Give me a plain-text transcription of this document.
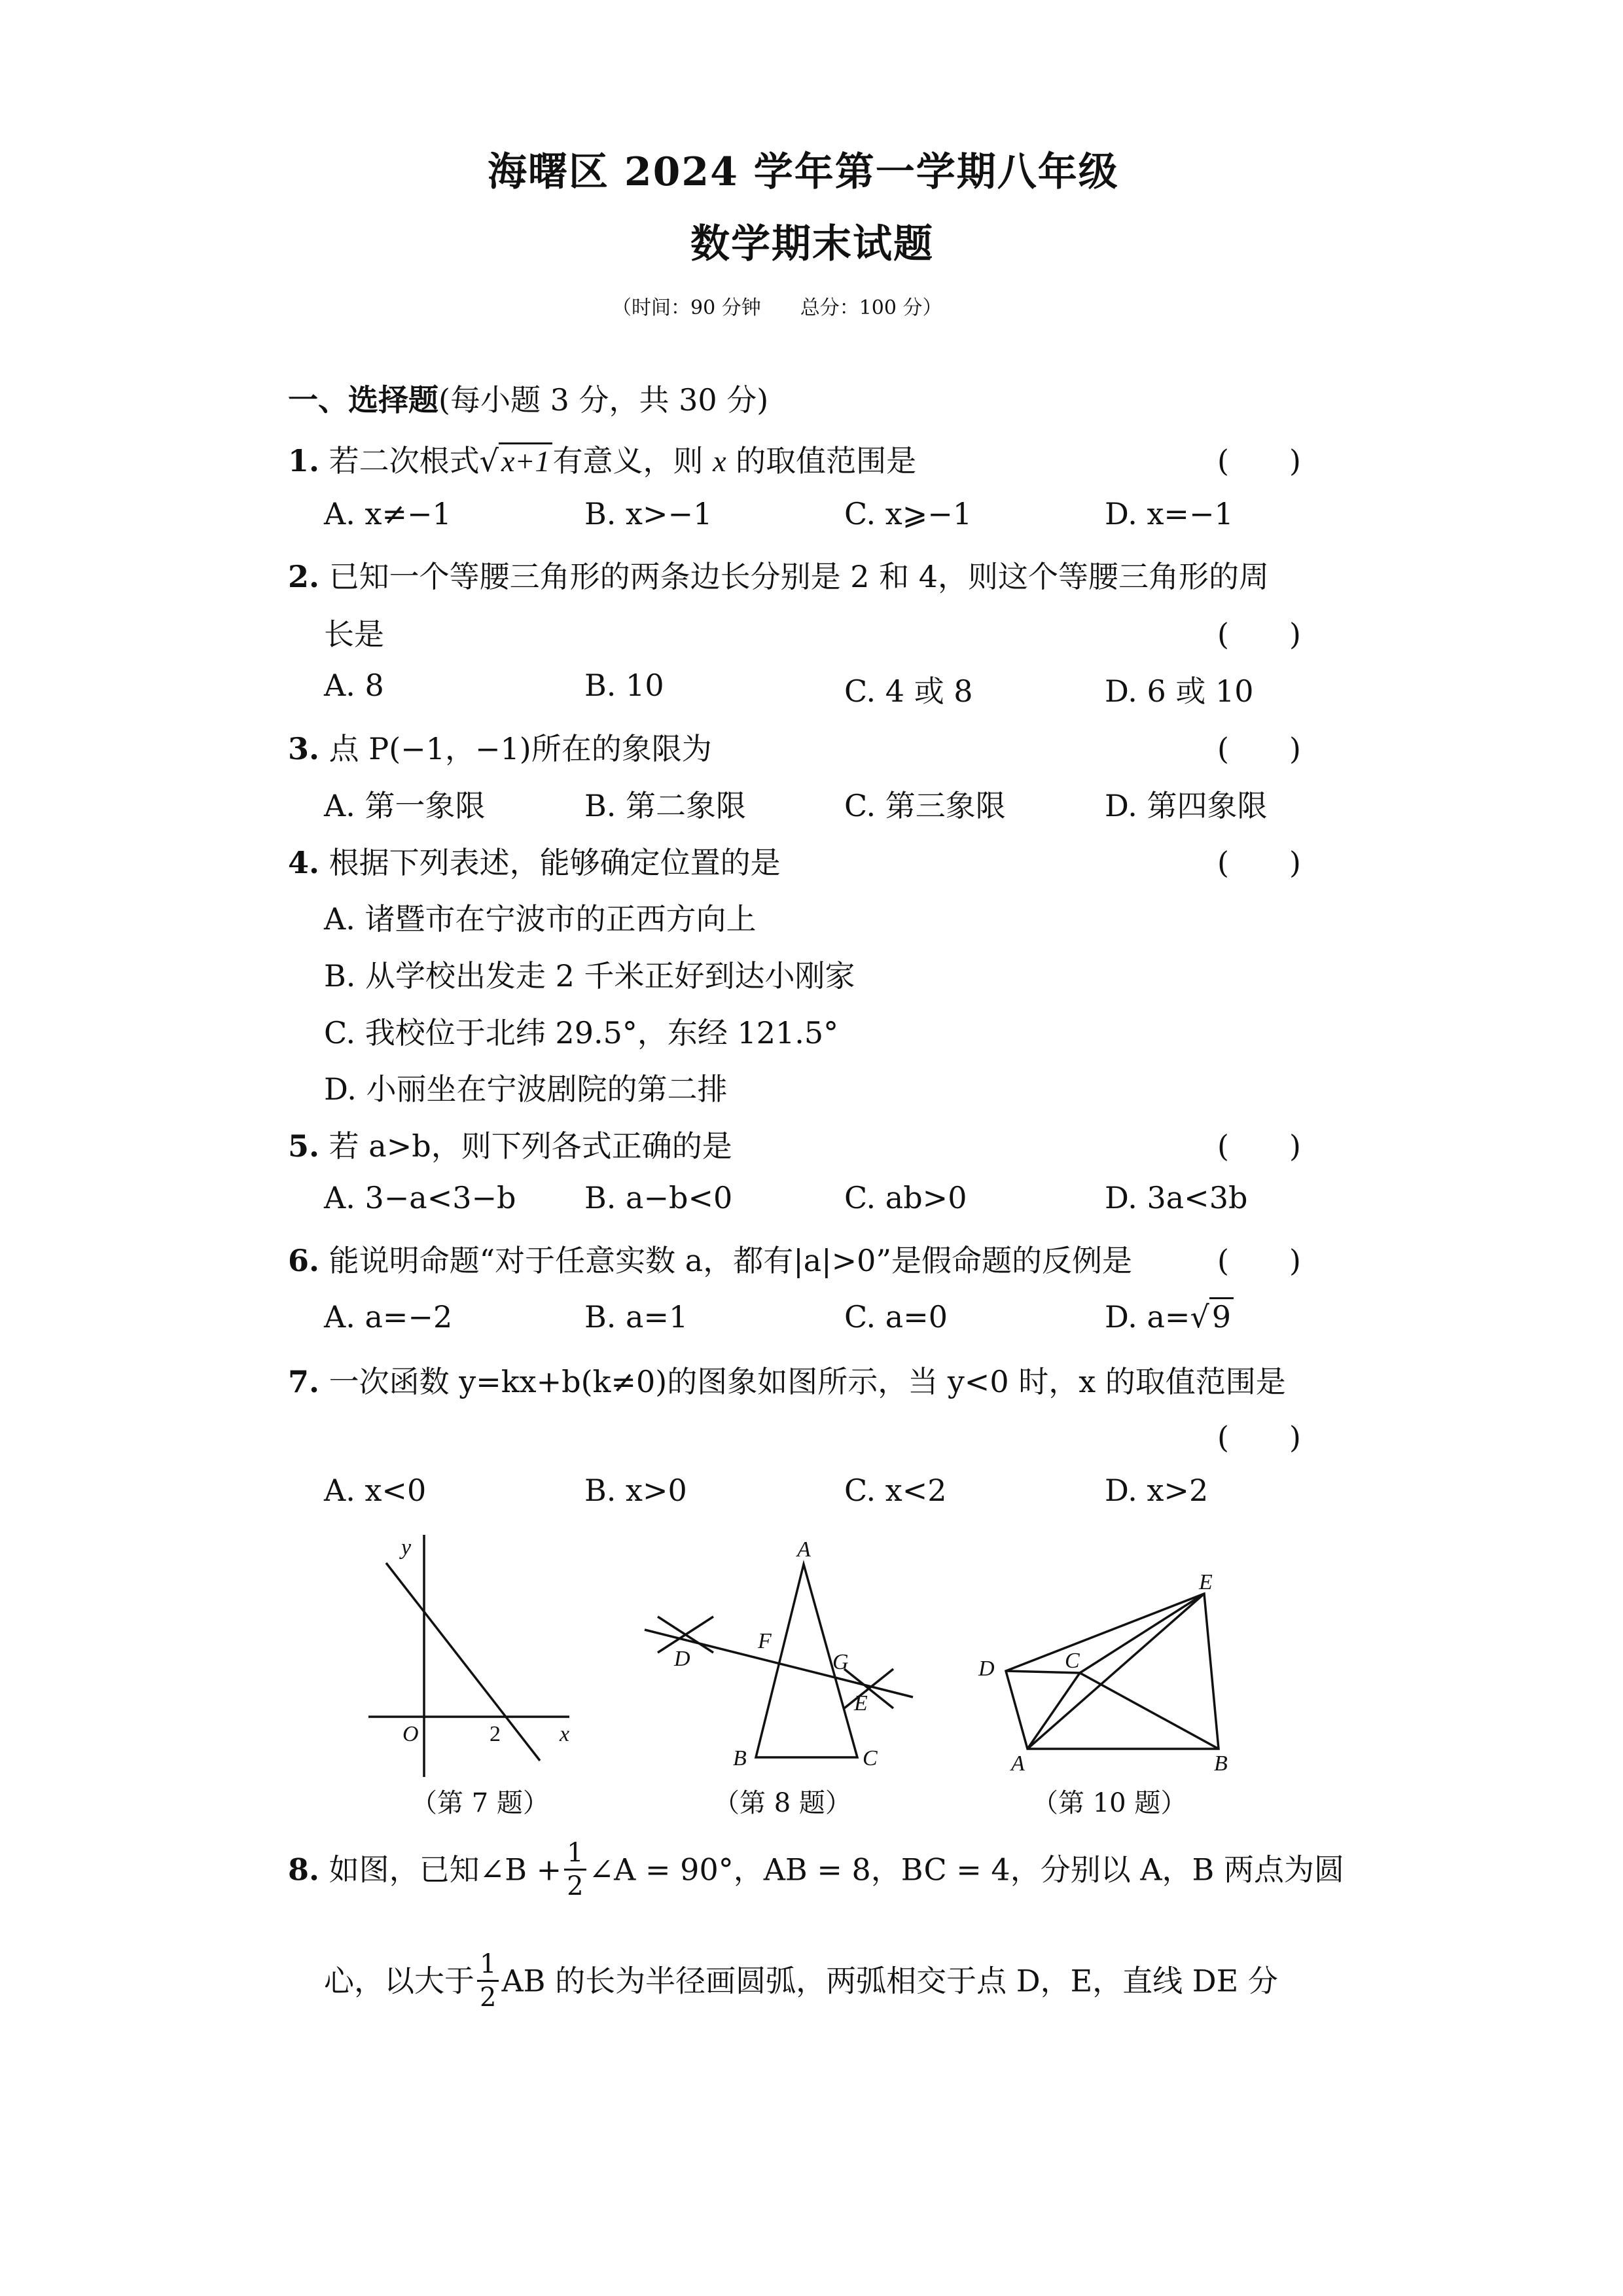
海曙区 2024 学年第一学期八年级
数学期末试题
（时间：90 分钟　　总分：100 分）
一、选择题(每小题 3 分，共 30 分)
1. 若二次根式√x+1有意义，则 x 的取值范围是	(　　)
A. x≠−1	B. x>−1	C. x⩾−1	D. x=−1
2. 已知一个等腰三角形的两条边长分别是 2 和 4，则这个等腰三角形的周
长是	(　　)
A. 8	B. 10	C. 4 或 8	D. 6 或 10
3. 点 P(−1，−1)所在的象限为	(　　)
A. 第一象限	B. 第二象限	C. 第三象限	D. 第四象限
4. 根据下列表述，能够确定位置的是	(　　)
A. 诸暨市在宁波市的正西方向上
B. 从学校出发走 2 千米正好到达小刚家
C. 我校位于北纬 29.5°，东经 121.5°
D. 小丽坐在宁波剧院的第二排
5. 若 a>b，则下列各式正确的是	(　　)
A. 3−a<3−b B. a−b<0	C. ab>0	D. 3a<3b
6. 能说明命题“对于任意实数 a，都有|a|>0”是假命题的反例是	(　　)
A. a=−2	B. a=1	C. a=0	D. a=√9
7. 一次函数 y=kx+b(k≠0)的图象如图所示，当 y<0 时，x 的取值范围是
(　　)
A. x<0	B. x>0	C. x<2	D. x>2
y
x
O	2
A
B	C
D
E
F
G
A	B
C
D
E
（第 7 题）	（第 8 题）	（第 10 题）
8. 如图，已知∠B + $\frac{1}{2}$ ∠A = 90°，AB = 8，BC = 4，分别以 A，B 两点为圆
心，以大于 $\frac{1}{2}$ AB 的长为半径画圆弧，两弧相交于点 D，E，直线 DE 分
